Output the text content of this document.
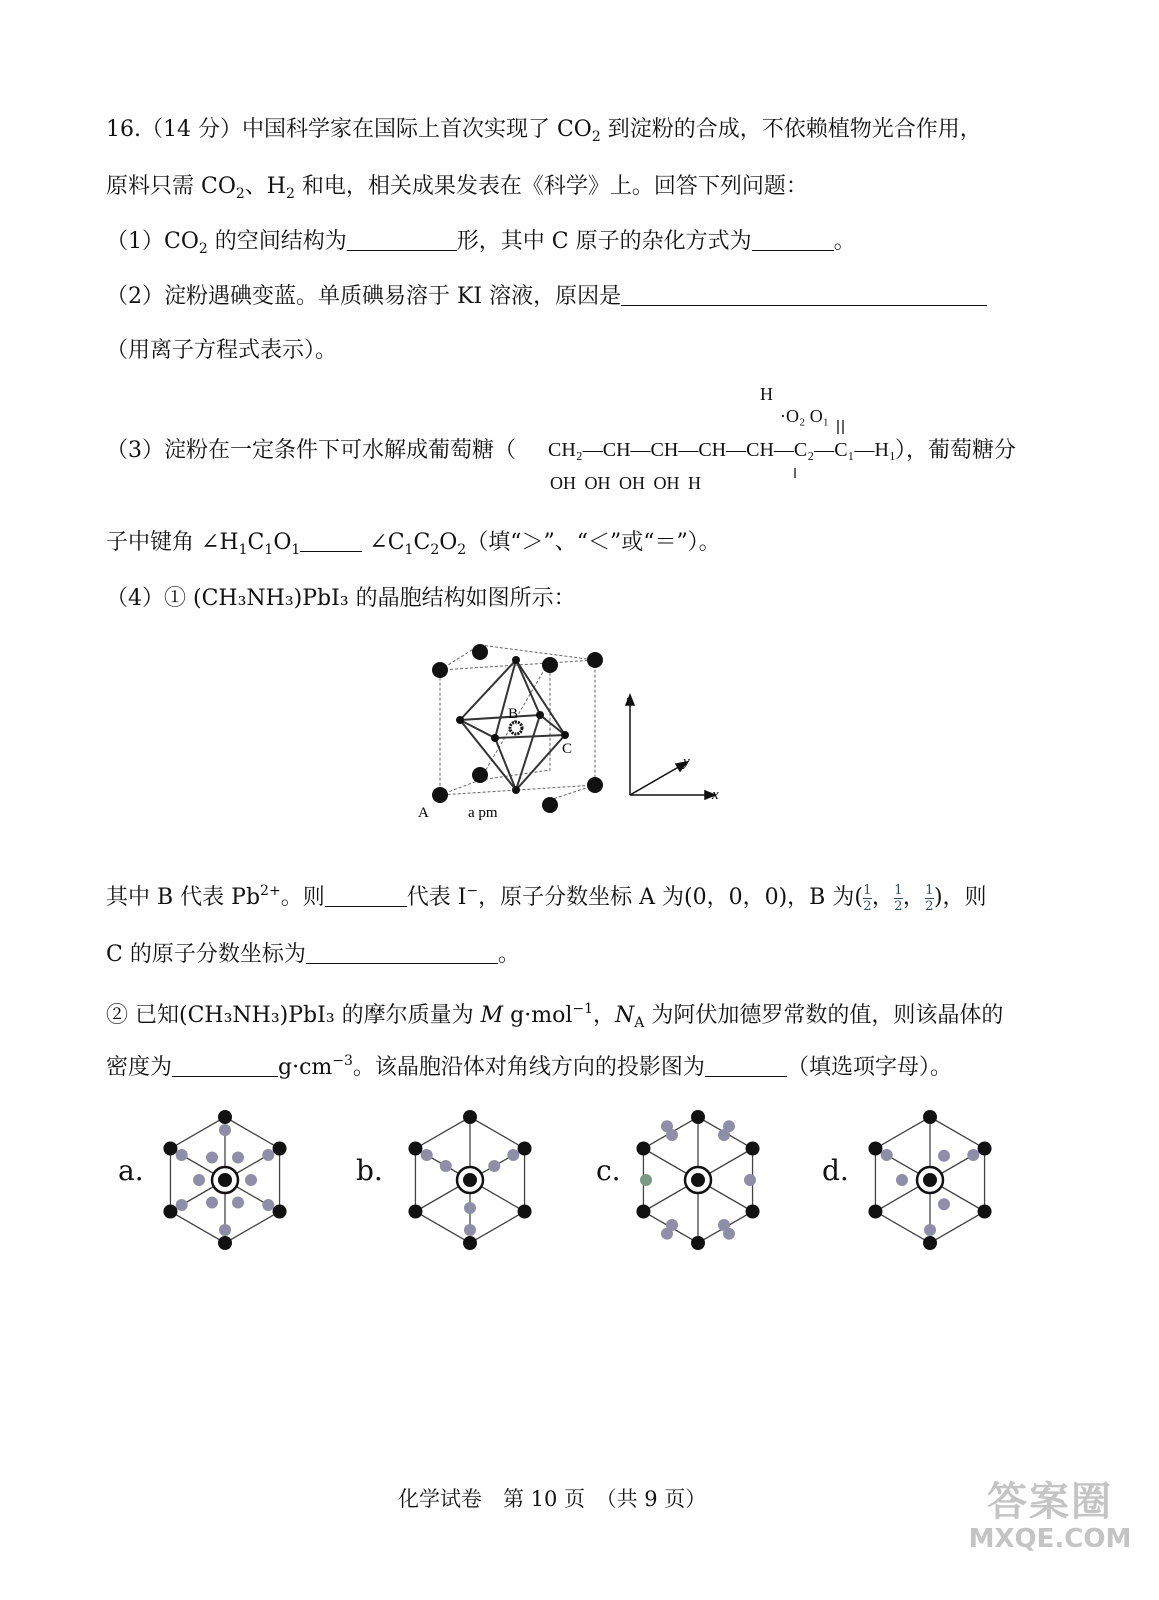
16.（14 分）中国科学家在国际上首次实现了 $CO_2$ 到淀粉的合成，不依赖植物光合作用，
原料只需 $CO_2$、$H_2$ 和电，相关成果发表在《科学》上。回答下列问题：
$(1)CO_2$ 的空间结构为	形，其中 C 原子的杂化方式为	。
（2）淀粉遇碘变蓝。单质碘易溶于 KI 溶液，原因是
（用离子方程式表示）。
（3）淀粉在一定条件下可水解成葡萄糖（
H
·O₂ O₁
CH₂—CH—CH—CH—CH—C₂—C₁—H₁
OH OH OH OH H
），葡萄糖分
子中键角 $\angle H_1C_1O_1$	$\angle C_1C_2O_2$（填“＞”、“＜”或“＝”）。
（4）① (CH₃NH₃)PbI₃ 的晶胞结构如图所示：
B
C
A	a pm
z
x
y
其中 B 代表 $Pb^{2+}$。则	代表 I−，原子分数坐标 A 为(0，0，0)，B 为( $\frac{1}{2}$ ， $\frac{1}{2}$ ， $\frac{1}{2}$ )，则
C 的原子分数坐标为	。
② 已知(CH₃NH₃)PbI₃ 的摩尔质量为 M g·mol$^{-1}$，$N_A$ 为阿伏加德罗常数的值，则该晶体的
密度为	$g\cdot cm^{-3}$。该晶胞沿体对角线方向的投影图为	（填选项字母）。
a.	b.	c.	d.
化学试卷　第 10 页　（共 9 页）	答案圈
MXQE.COM
